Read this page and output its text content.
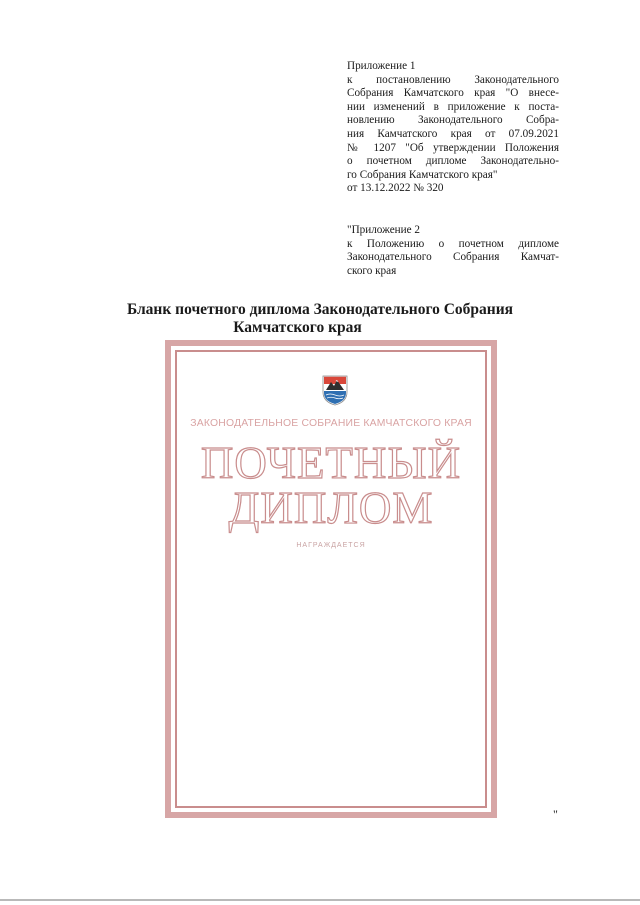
Приложение 1
к постановлению Законодательного
Собрания Камчатского края "О внесе-
нии изменений в приложение к поста-
новлению Законодательного Собра-
ния Камчатского края от 07.09.2021
№ 1207 "Об утверждении Положения
о почетном дипломе Законодательно-
го Собрания Камчатского края"
от 13.12.2022 № 320
"Приложение 2
к Положению о почетном дипломе
Законодательного Собрания Камчат-
ского края
Бланк почетного диплома Законодательного Собрания
Камчатского края
ЗАКОНОДАТЕЛЬНОЕ СОБРАНИЕ КАМЧАТСКОГО КРАЯ
ПОЧЕТНЫЙ
ДИПЛОМ
НАГРАЖДАЕТСЯ
"
